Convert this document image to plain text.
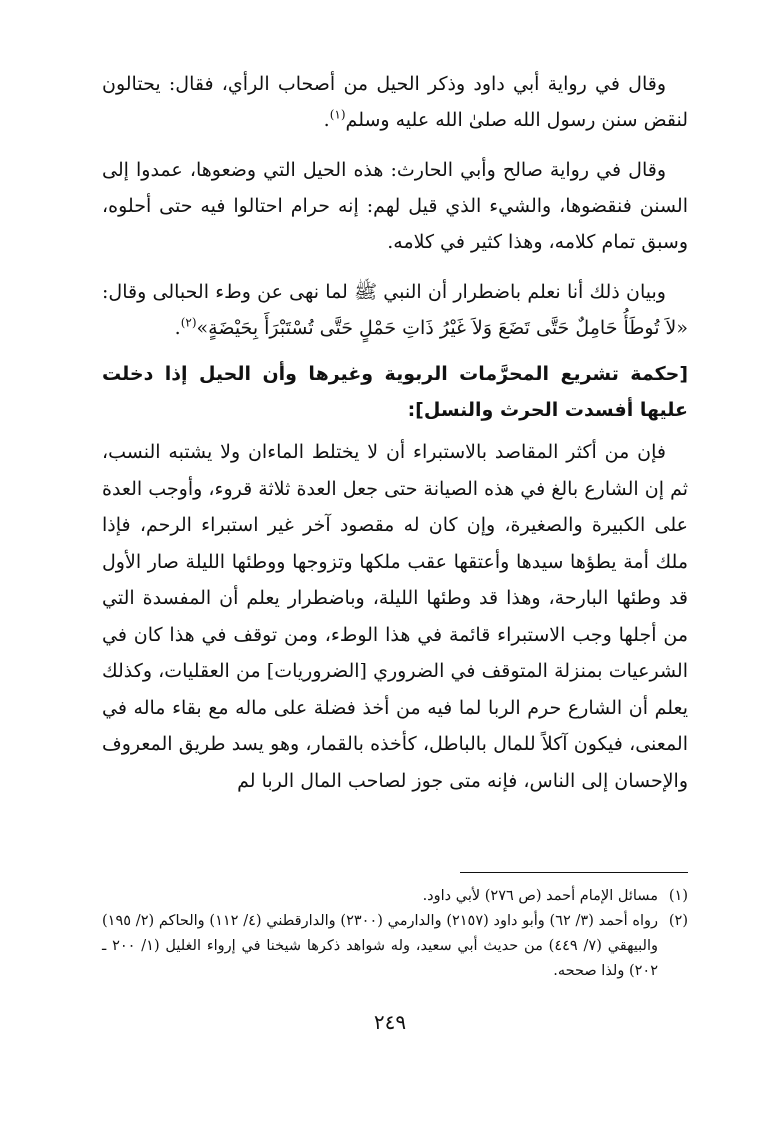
وقال في رواية أبي داود وذكر الحيل من أصحاب الرأي، فقال: يحتالون لنقض سنن رسول الله صلىٰ الله عليه وسلم$^{(١)}$.

وقال في رواية صالح وأبي الحارث: هذه الحيل التي وضعوها، عمدوا إلى السنن فنقضوها، والشيء الذي قيل لهم: إنه حرام احتالوا فيه حتى أحلوه، وسبق تمام كلامه، وهذا كثير في كلامه.

وبيان ذلك أنا نعلم باضطرار أن النبي ﷺ لما نهى عن وطء الحبالى وقال: «لاَ تُوطَأُ حَامِلٌ حَتَّى تَضَعَ وَلاَ غَيْرُ ذَاتِ حَمْلٍ حَتَّى تُسْتَبْرَأَ بِحَيْضَةٍ»$^{(٢)}$.

[حكمة تشريع المحرَّمات الربوية وغيرها وأن الحيل إذا دخلت عليها أفسدت الحرث والنسل]:

فإن من أكثر المقاصد بالاستبراء أن لا يختلط الماءان ولا يشتبه النسب، ثم إن الشارع بالغ في هذه الصيانة حتى جعل العدة ثلاثة قروء، وأوجب العدة على الكبيرة والصغيرة، وإن كان له مقصود آخر غير استبراء الرحم، فإذا ملك أمة يطؤها سيدها وأعتقها عقب ملكها وتزوجها ووطئها الليلة صار الأول قد وطئها البارحة، وهذا قد وطئها الليلة، وباضطرار يعلم أن المفسدة التي من أجلها وجب الاستبراء قائمة في هذا الوطء، ومن توقف في هذا كان في الشرعيات بمنزلة المتوقف في الضروري [الضروريات] من العقليات، وكذلك يعلم أن الشارع حرم الربا لما فيه من أخذ فضلة على ماله مع بقاء ماله في المعنى، فيكون آكلاً للمال بالباطل، كأخذه بالقمار، وهو يسد طريق المعروف والإحسان إلى الناس، فإنه متى جوز لصاحب المال الربا لم

(١)
مسائل الإمام أحمد (ص ٢٧٦) لأبي داود.
(٢)
رواه أحمد (٣/ ٦٢) وأبو داود (٢١٥٧) والدارمي (٢٣٠٠) والدارقطني (٤/ ١١٢) والحاكم (٢/ ١٩٥) والبيهقي (٧/ ٤٤٩) من حديث أبي سعيد، وله شواهد ذكرها شيخنا في إرواء الغليل (١/ ٢٠٠ ـ ٢٠٢) ولذا صححه.
٢٤٩
